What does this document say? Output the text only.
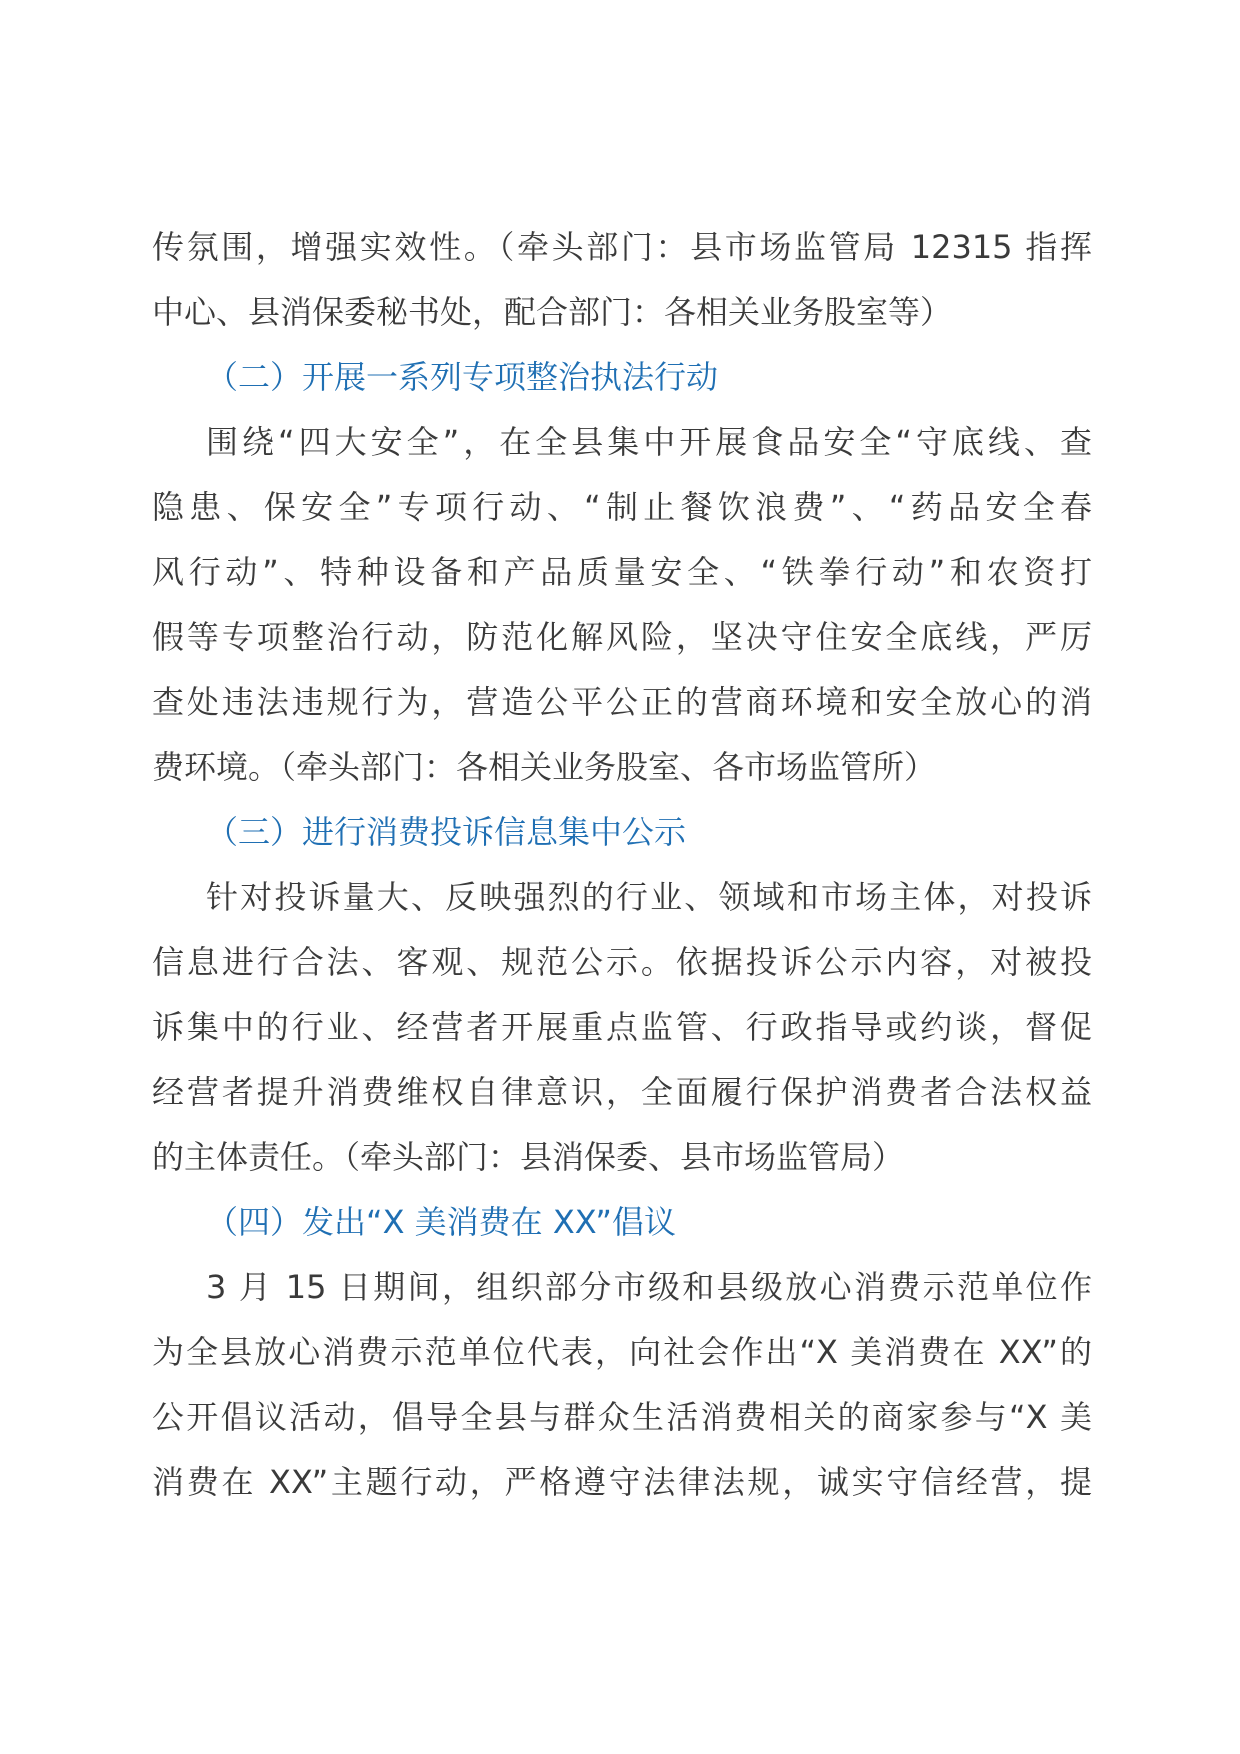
传氛围，增强实效性。（牵头部门：县市场监管局 12315 指挥
中心、县消保委秘书处，配合部门：各相关业务股室等）
（二）开展一系列专项整治执法行动
围绕“四大安全”，在全县集中开展食品安全“守底线、查
隐患、保安全”专项行动、“制止餐饮浪费”、“药品安全春
风行动”、特种设备和产品质量安全、“铁拳行动”和农资打
假等专项整治行动，防范化解风险，坚决守住安全底线，严厉
查处违法违规行为，营造公平公正的营商环境和安全放心的消
费环境。（牵头部门：各相关业务股室、各市场监管所）
（三）进行消费投诉信息集中公示
针对投诉量大、反映强烈的行业、领域和市场主体，对投诉
信息进行合法、客观、规范公示。依据投诉公示内容，对被投
诉集中的行业、经营者开展重点监管、行政指导或约谈，督促
经营者提升消费维权自律意识，全面履行保护消费者合法权益
的主体责任。（牵头部门：县消保委、县市场监管局）
（四）发出“X 美消费在 XX”倡议
3 月 15 日期间，组织部分市级和县级放心消费示范单位作
为全县放心消费示范单位代表，向社会作出“X 美消费在 XX”的
公开倡议活动，倡导全县与群众生活消费相关的商家参与“X 美
消费在 XX”主题行动，严格遵守法律法规，诚实守信经营，提
